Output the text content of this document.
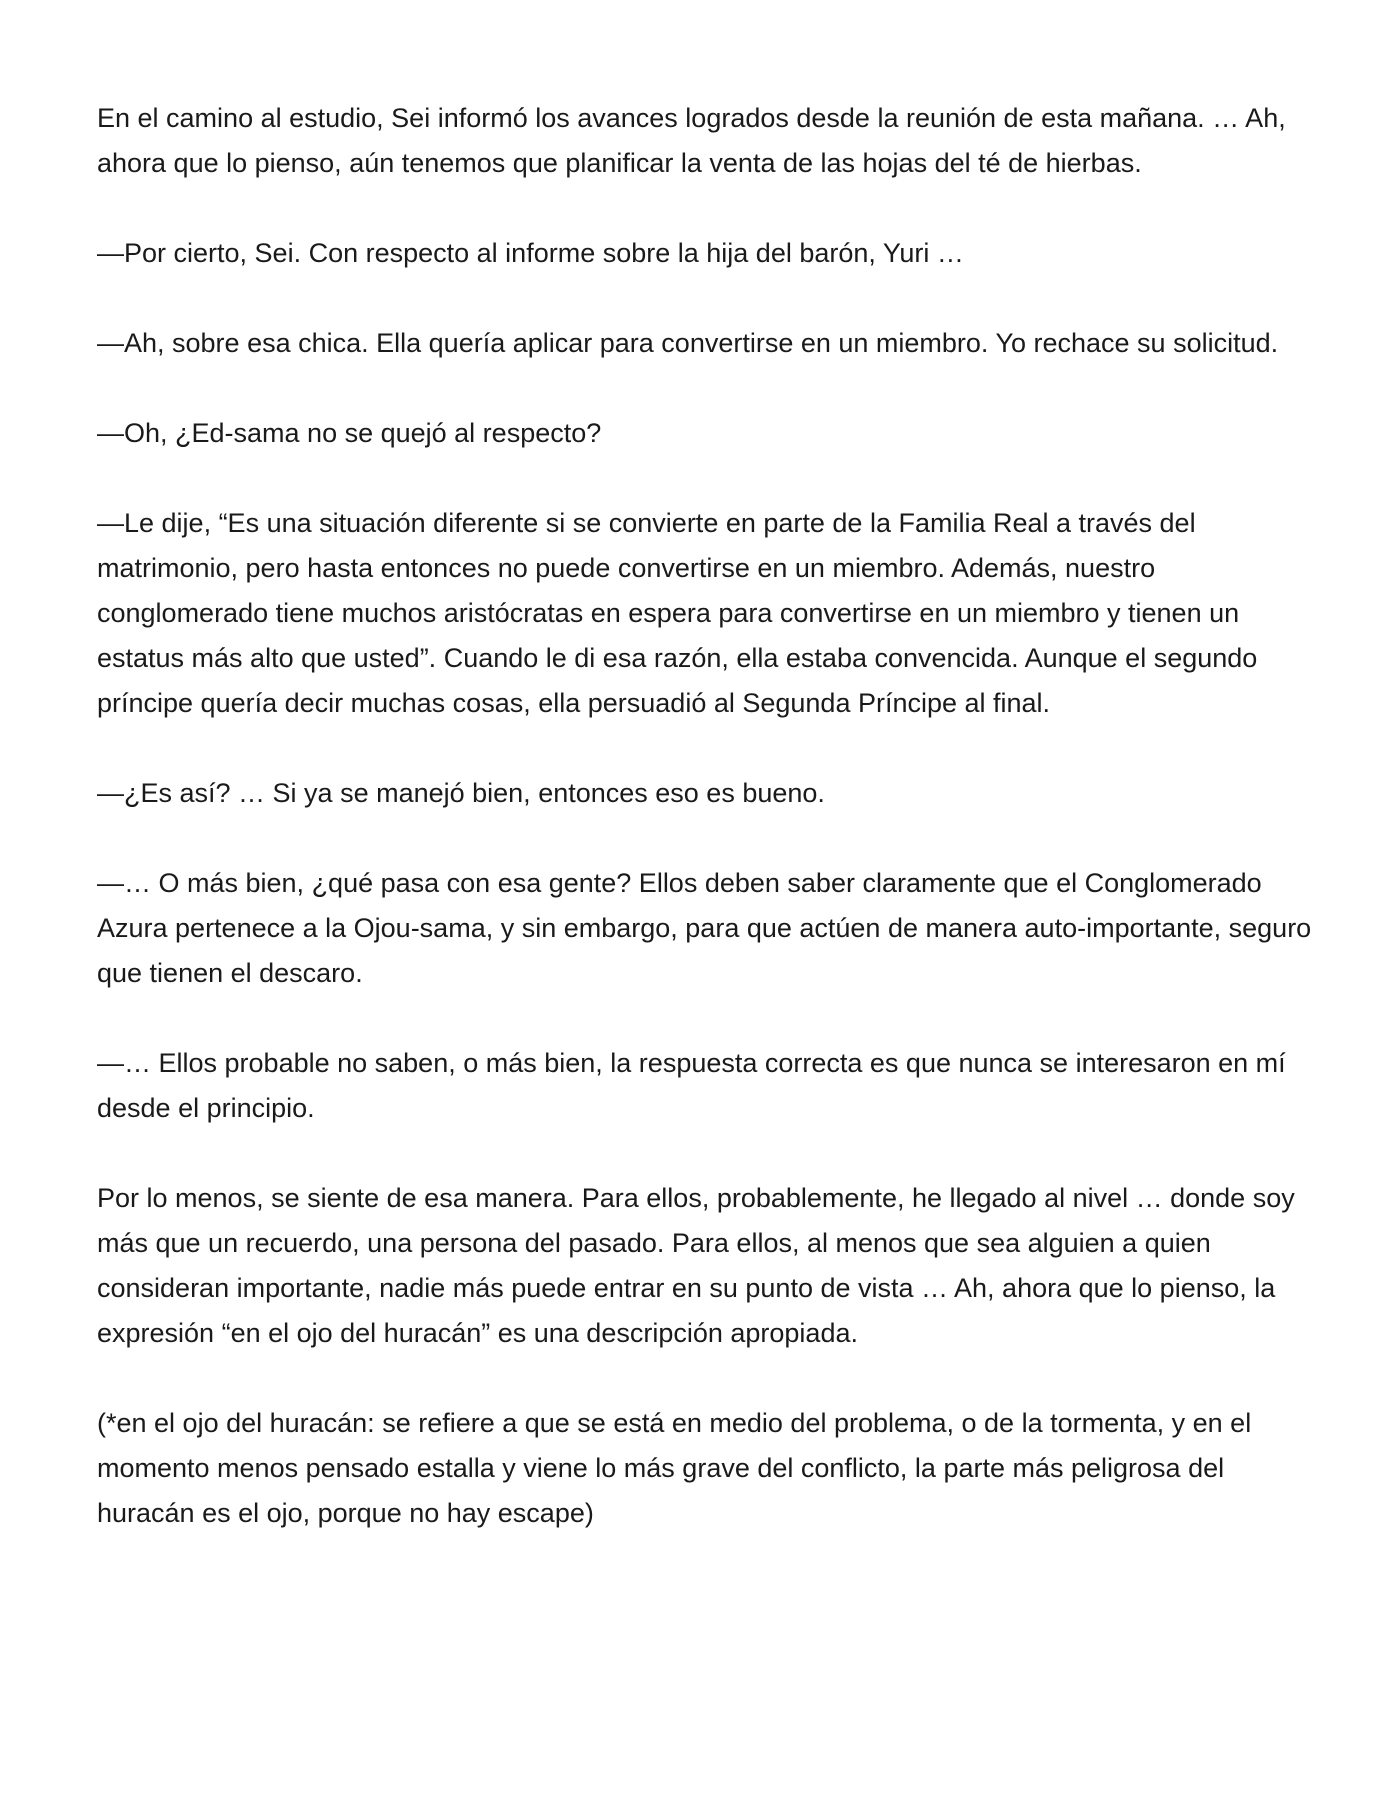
En el camino al estudio, Sei informó los avances logrados desde la reunión de esta mañana. … Ah, ahora que lo pienso, aún tenemos que planificar la venta de las hojas del té de hierbas.

—Por cierto, Sei. Con respecto al informe sobre la hija del barón, Yuri …

—Ah, sobre esa chica. Ella quería aplicar para convertirse en un miembro. Yo rechace su solicitud.

—Oh, ¿Ed-sama no se quejó al respecto?

—Le dije, “Es una situación diferente si se convierte en parte de la Familia Real a través del matrimonio, pero hasta entonces no puede convertirse en un miembro. Además, nuestro conglomerado tiene muchos aristócratas en espera para convertirse en un miembro y tienen un estatus más alto que usted”. Cuando le di esa razón, ella estaba convencida. Aunque el segundo príncipe quería decir muchas cosas, ella persuadió al Segunda Príncipe al final.

—¿Es así? … Si ya se manejó bien, entonces eso es bueno.

—… O más bien, ¿qué pasa con esa gente? Ellos deben saber claramente que el Conglomerado Azura pertenece a la Ojou-sama, y sin embargo, para que actúen de manera auto-importante, seguro que tienen el descaro.

—… Ellos probable no saben, o más bien, la respuesta correcta es que nunca se interesaron en mí desde el principio.

Por lo menos, se siente de esa manera. Para ellos, probablemente, he llegado al nivel … donde soy más que un recuerdo, una persona del pasado. Para ellos, al menos que sea alguien a quien consideran importante, nadie más puede entrar en su punto de vista … Ah, ahora que lo pienso, la expresión “en el ojo del huracán” es una descripción apropiada.

(*en el ojo del huracán: se refiere a que se está en medio del problema, o de la tormenta, y en el momento menos pensado estalla y viene lo más grave del conflicto, la parte más peligrosa del huracán es el ojo, porque no hay escape)
